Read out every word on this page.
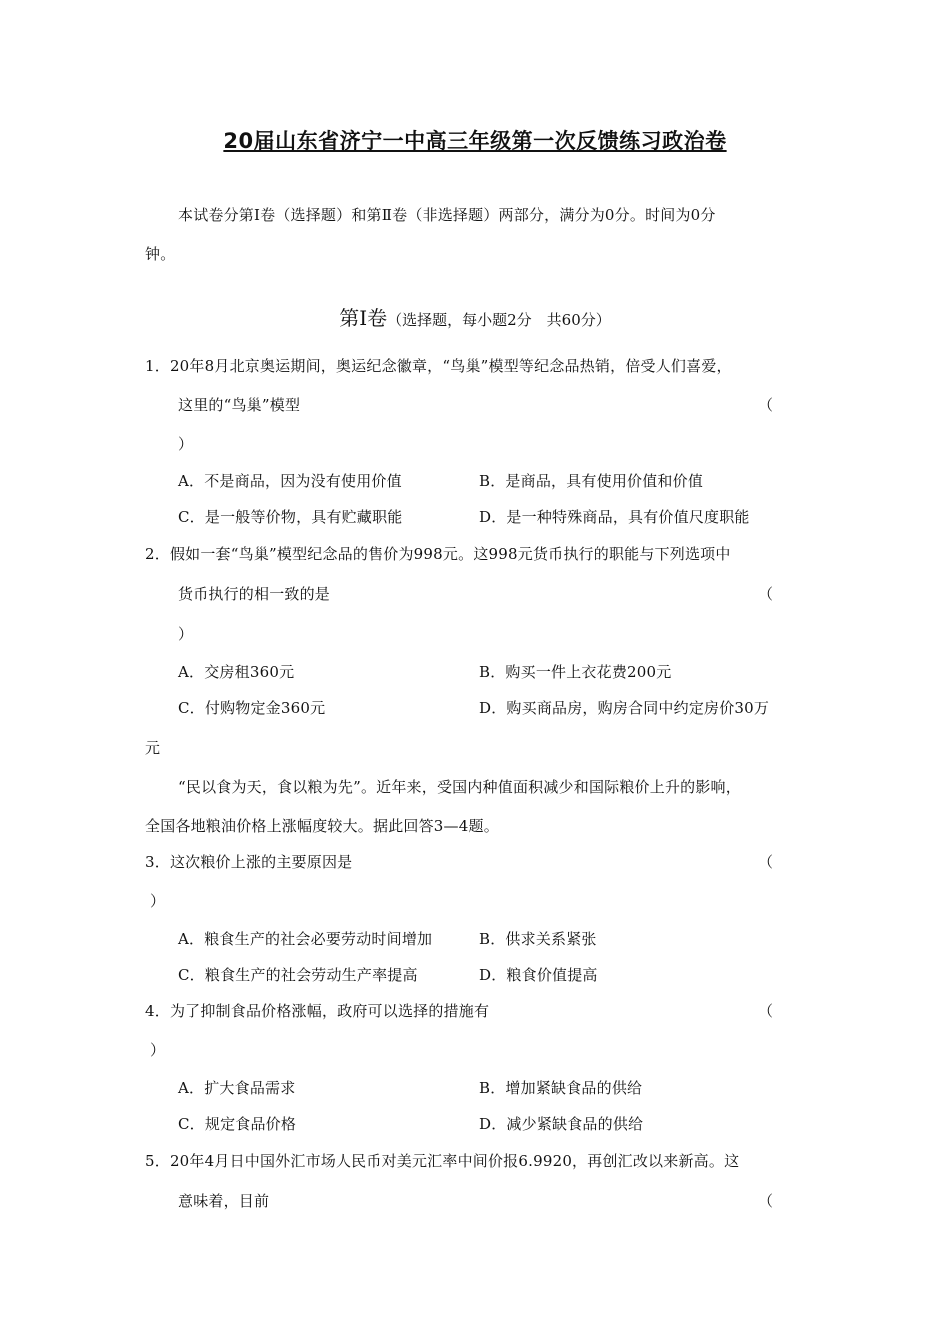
20届山东省济宁一中高三年级第一次反馈练习政治卷
本试卷分第Ⅰ卷（选择题）和第Ⅱ卷（非选择题）两部分，满分为0分。时间为0分
钟。
第Ⅰ卷（选择题，每小题2分　共60分）
1．20年8月北京奥运期间，奥运纪念徽章，“鸟巢”模型等纪念品热销，倍受人们喜爱，
这里的“鸟巢”模型	（
）
A．不是商品，因为没有使用价值	B．是商品，具有使用价值和价值
C．是一般等价物，具有贮藏职能	D．是一种特殊商品，具有价值尺度职能
2．假如一套“鸟巢”模型纪念品的售价为998元。这998元货币执行的职能与下列选项中
货币执行的相一致的是	（
）
A．交房租360元	B．购买一件上衣花费200元
C．付购物定金360元	D．购买商品房，购房合同中约定房价30万
元
“民以食为天，食以粮为先”。近年来，受国内种值面积减少和国际粮价上升的影响，
全国各地粮油价格上涨幅度较大。据此回答3—4题。
3．这次粮价上涨的主要原因是	（
）
A．粮食生产的社会必要劳动时间增加	B．供求关系紧张
C．粮食生产的社会劳动生产率提高	D．粮食价值提高
4．为了抑制食品价格涨幅，政府可以选择的措施有	（
）
A．扩大食品需求	B．增加紧缺食品的供给
C．规定食品价格	D．减少紧缺食品的供给
5．20年4月日中国外汇市场人民币对美元汇率中间价报6.9920，再创汇改以来新高。这
意味着，目前	（
